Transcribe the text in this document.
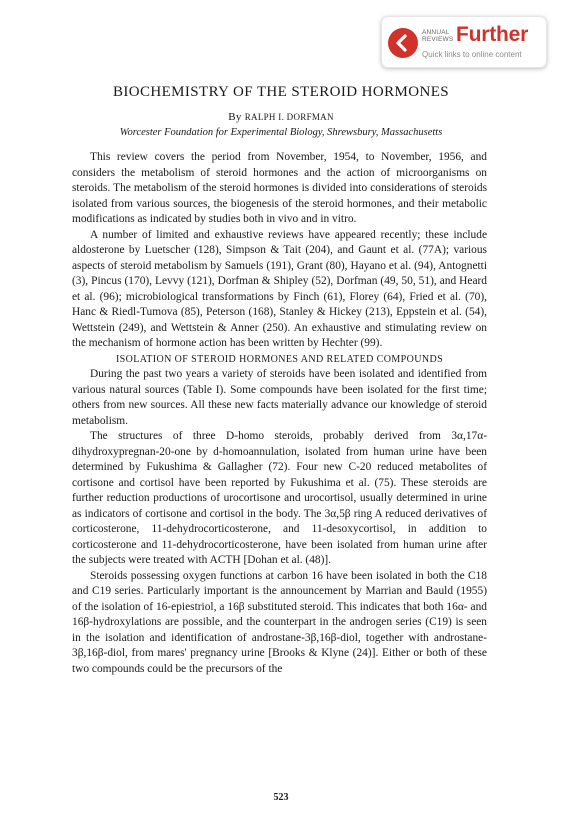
ANNUAL
REVIEWS Further
Quick links to online content
BIOCHEMISTRY OF THE STEROID HORMONES
By RALPH I. DORFMAN
Worcester Foundation for Experimental Biology, Shrewsbury, Massachusetts

This review covers the period from November, 1954, to November, 1956, and considers the metabolism of steroid hormones and the action of microorganisms on steroids. The metabolism of the steroid hormones is divided into considerations of steroids isolated from various sources, the biogenesis of the steroid hormones, and their metabolic modifications as indicated by studies both in vivo and in vitro.

A number of limited and exhaustive reviews have appeared recently; these include aldosterone by Luetscher (128), Simpson & Tait (204), and Gaunt et al. (77A); various aspects of steroid metabolism by Samuels (191), Grant (80), Hayano et al. (94), Antognetti (3), Pincus (170), Levvy (121), Dorfman & Shipley (52), Dorfman (49, 50, 51), and Heard et al. (96); microbiological transformations by Finch (61), Florey (64), Fried et al. (70), Hanc & Riedl-Tumova (85), Peterson (168), Stanley & Hickey (213), Eppstein et al. (54), Wettstein (249), and Wettstein & Anner (250). An exhaustive and stimulating review on the mechanism of hormone action has been written by Hechter (99).

ISOLATION OF STEROID HORMONES AND RELATED COMPOUNDS

During the past two years a variety of steroids have been isolated and identified from various natural sources (Table I). Some compounds have been isolated for the first time; others from new sources. All these new facts materially advance our knowledge of steroid metabolism.

The structures of three D-homo steroids, probably derived from 3α,17α-dihydroxypregnan-20-one by d-homoannulation, isolated from human urine have been determined by Fukushima & Gallagher (72). Four new C-20 reduced metabolites of cortisone and cortisol have been reported by Fukushima et al. (75). These steroids are further reduction productions of urocortisone and urocortisol, usually determined in urine as indicators of cortisone and cortisol in the body. The 3α,5β ring A reduced derivatives of corticosterone, 11-dehydrocorticosterone, and 11-desoxycortisol, in addition to corticosterone and 11-dehydrocorticosterone, have been isolated from human urine after the subjects were treated with ACTH [Dohan et al. (48)].

Steroids possessing oxygen functions at carbon 16 have been isolated in both the C18 and C19 series. Particularly important is the announcement by Marrian and Bauld (1955) of the isolation of 16-epiestriol, a 16β substituted steroid. This indicates that both 16α- and 16β-hydroxylations are possible, and the counterpart in the androgen series (C19) is seen in the isolation and identification of androstane-3β,16β-diol, together with androstane-3β,16β-diol, from mares' pregnancy urine [Brooks & Klyne (24)]. Either or both of these two compounds could be the precursors of the

523
